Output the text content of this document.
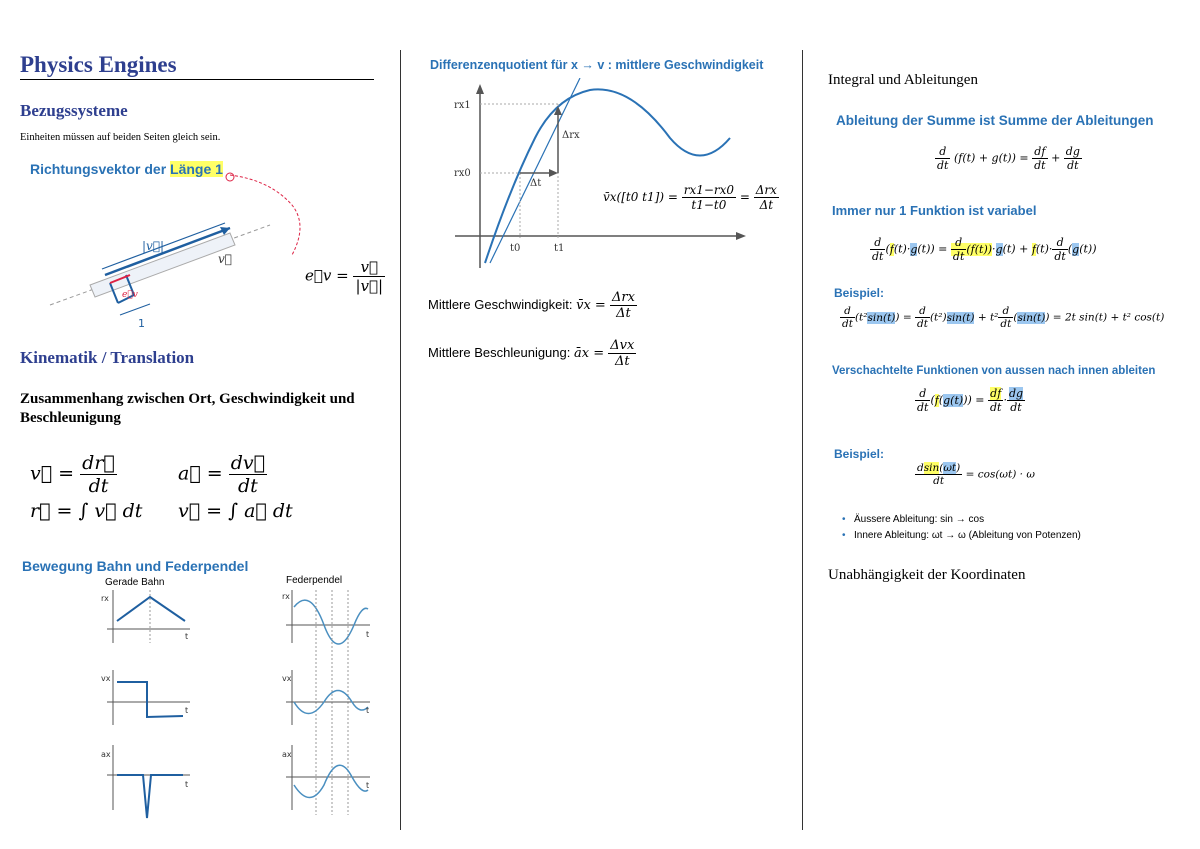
Physics Engines
Bezugssysteme
Einheiten müssen auf beiden Seiten gleich sein.
Richtungsvektor der Länge 1
|v⃗|
v⃗
e⃗v
1
e⃗v = $\frac{v⃗}{|v⃗|}$
Kinematik / Translation
Zusammenhang zwischen Ort, Geschwindigkeit und Beschleunigung
v⃗ = $\frac{dr⃗}{dt}$	a⃗ = $\frac{dv⃗}{dt}$
r⃗ = ∫ v⃗ dt v⃗ = ∫ a⃗ dt
Bewegung Bahn und Federpendel
Gerade Bahn	Federpendel
rx
t
vx
t
ax
t
rx
t
vx
t
ax
t
Differenzenquotient für x → v : mittlere Geschwindigkeit
rx1
rx0
Δt
Δrx
t0	t1
v̄x([t0 $t1]) = \frac{rx1-rx0}{t1-t0} = \frac{\text{Δrx}}{\Delta t}$
Mittlere Geschwindigkeit: v̄x = $\frac{\text{Δrx}}{\Delta t}$
Mittlere Beschleunigung: āx = $\frac{\text{Δvx}}{\Delta t}$
Integral und Ableitungen
Ableitung der Summe ist Summe der Ableitungen
$\frac{d}{dt} (f(t) + g(t)) = \frac{df}{dt} + \frac{dg}{dt}$
Immer nur 1 Funktion ist variabel
$\frac{d}{dt} (f(t)\cdot g(t)) = \frac{d}{dt} (f(t))\cdot g(t) + f(t)\cdot \frac{d}{dt} (g(t))$
Beispiel:
$\frac{d}{dt} (t^2\sin(t)) = \frac{d}{dt} (t^2)\sin(t) + t^2 \frac{d}{dt} (\sin(t)) = 2t$ sin(t) + t² cos(t)
Verschachtelte Funktionen von aussen nach innen ableiten
$\frac{d}{dt} (f(g(t))) = \frac{df}{dt} \cdot \frac{dg}{dt}$
Beispiel:
$\frac{dsin(\omega t)}{dt} = \cos(\omega t) \cdot \omega$
• Äussere Ableitung: sin → cos
• Innere Ableitung: ωt → ω (Ableitung von Potenzen)
Unabhängigkeit der Koordinaten
